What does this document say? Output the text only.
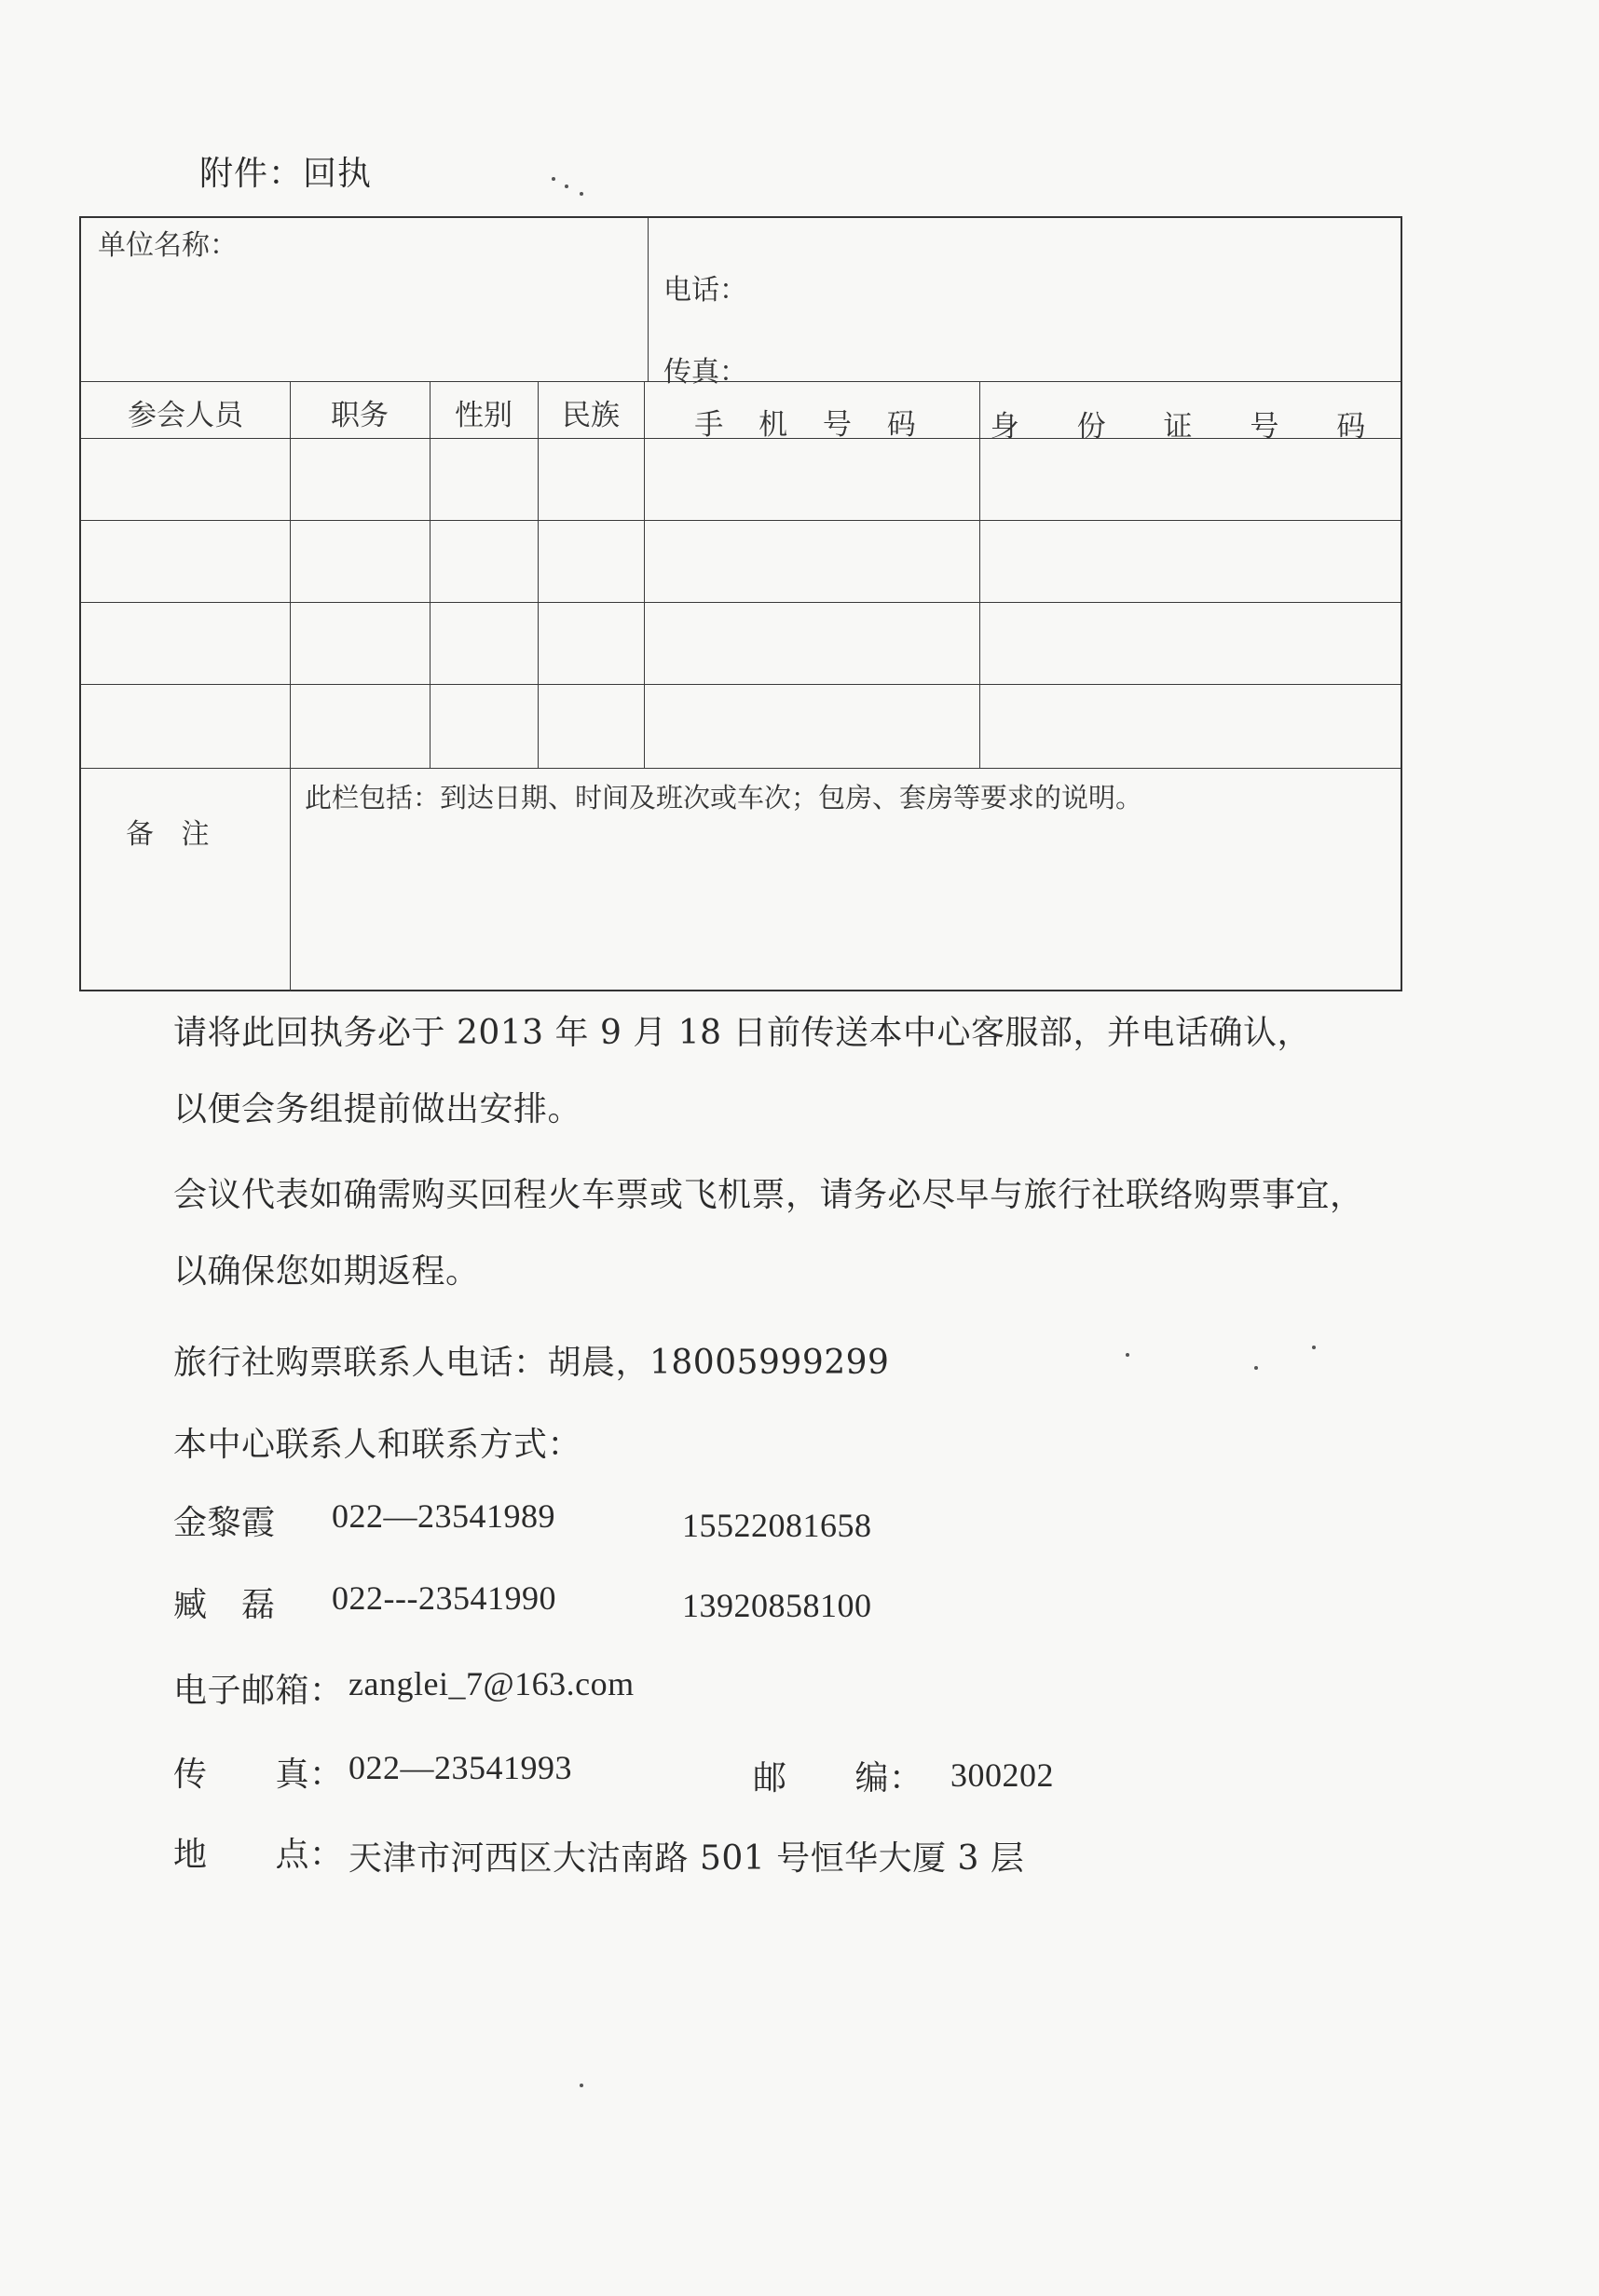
附件：回执
单位名称：
电话：
传真：
参会人员	职务	性别	民族	手 机 号 码	身 份 证 号 码
备 注
此栏包括：到达日期、时间及班次或车次；包房、套房等要求的说明。
请将此回执务必于 2013 年 9 月 18 日前传送本中心客服部，并电话确认，
以便会务组提前做出安排。
会议代表如确需购买回程火车票或飞机票，请务必尽早与旅行社联络购票事宜，
以确保您如期返程。
旅行社购票联系人电话：胡晨，18005999299
本中心联系人和联系方式：
金黎霞 022—23541989	15522081658
臧　磊 022---23541990	13920858100
电子邮箱： zanglei_7@163.com
传　　真： 022—23541993	邮　　编： 300202
地　　点： 天津市河西区大沽南路 501 号恒华大厦 3 层
